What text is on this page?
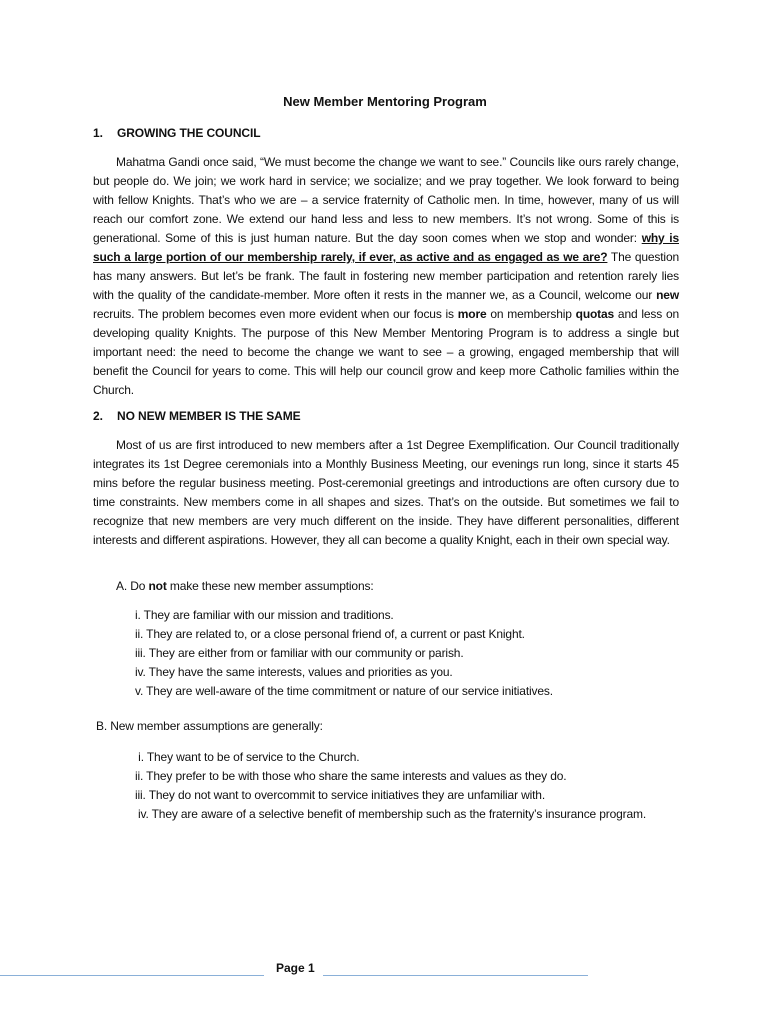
New Member Mentoring Program
1. GROWING THE COUNCIL
Mahatma Gandi once said, “We must become the change we want to see.” Councils like ours rarely change, but people do. We join; we work hard in service; we socialize; and we pray together. We look forward to being with fellow Knights. That’s who we are – a service fraternity of Catholic men. In time, however, many of us will reach our comfort zone. We extend our hand less and less to new members. It’s not wrong. Some of this is generational. Some of this is just human nature. But the day soon comes when we stop and wonder: why is such a large portion of our membership rarely, if ever, as active and as engaged as we are? The question has many answers. But let’s be frank. The fault in fostering new member participation and retention rarely lies with the quality of the candidate-member. More often it rests in the manner we, as a Council, welcome our new recruits. The problem becomes even more evident when our focus is more on membership quotas and less on developing quality Knights. The purpose of this New Member Mentoring Program is to address a single but important need: the need to become the change we want to see – a growing, engaged membership that will benefit the Council for years to come. This will help our council grow and keep more Catholic families within the Church.
2. NO NEW MEMBER IS THE SAME
Most of us are first introduced to new members after a 1st Degree Exemplification. Our Council traditionally integrates its 1st Degree ceremonials into a Monthly Business Meeting, our evenings run long, since it starts 45 mins before the regular business meeting. Post-ceremonial greetings and introductions are often cursory due to time constraints. New members come in all shapes and sizes. That’s on the outside. But sometimes we fail to recognize that new members are very much different on the inside. They have different personalities, different interests and different aspirations. However, they all can become a quality Knight, each in their own special way.
A. Do not make these new member assumptions:
i. They are familiar with our mission and traditions.
ii. They are related to, or a close personal friend of, a current or past Knight.
iii. They are either from or familiar with our community or parish.
iv. They have the same interests, values and priorities as you.
v. They are well-aware of the time commitment or nature of our service initiatives.
B. New member assumptions are generally:
i. They want to be of service to the Church.
ii. They prefer to be with those who share the same interests and values as they do.
iii. They do not want to overcommit to service initiatives they are unfamiliar with.
iv. They are aware of a selective benefit of membership such as the fraternity’s insurance program.
Page 1
